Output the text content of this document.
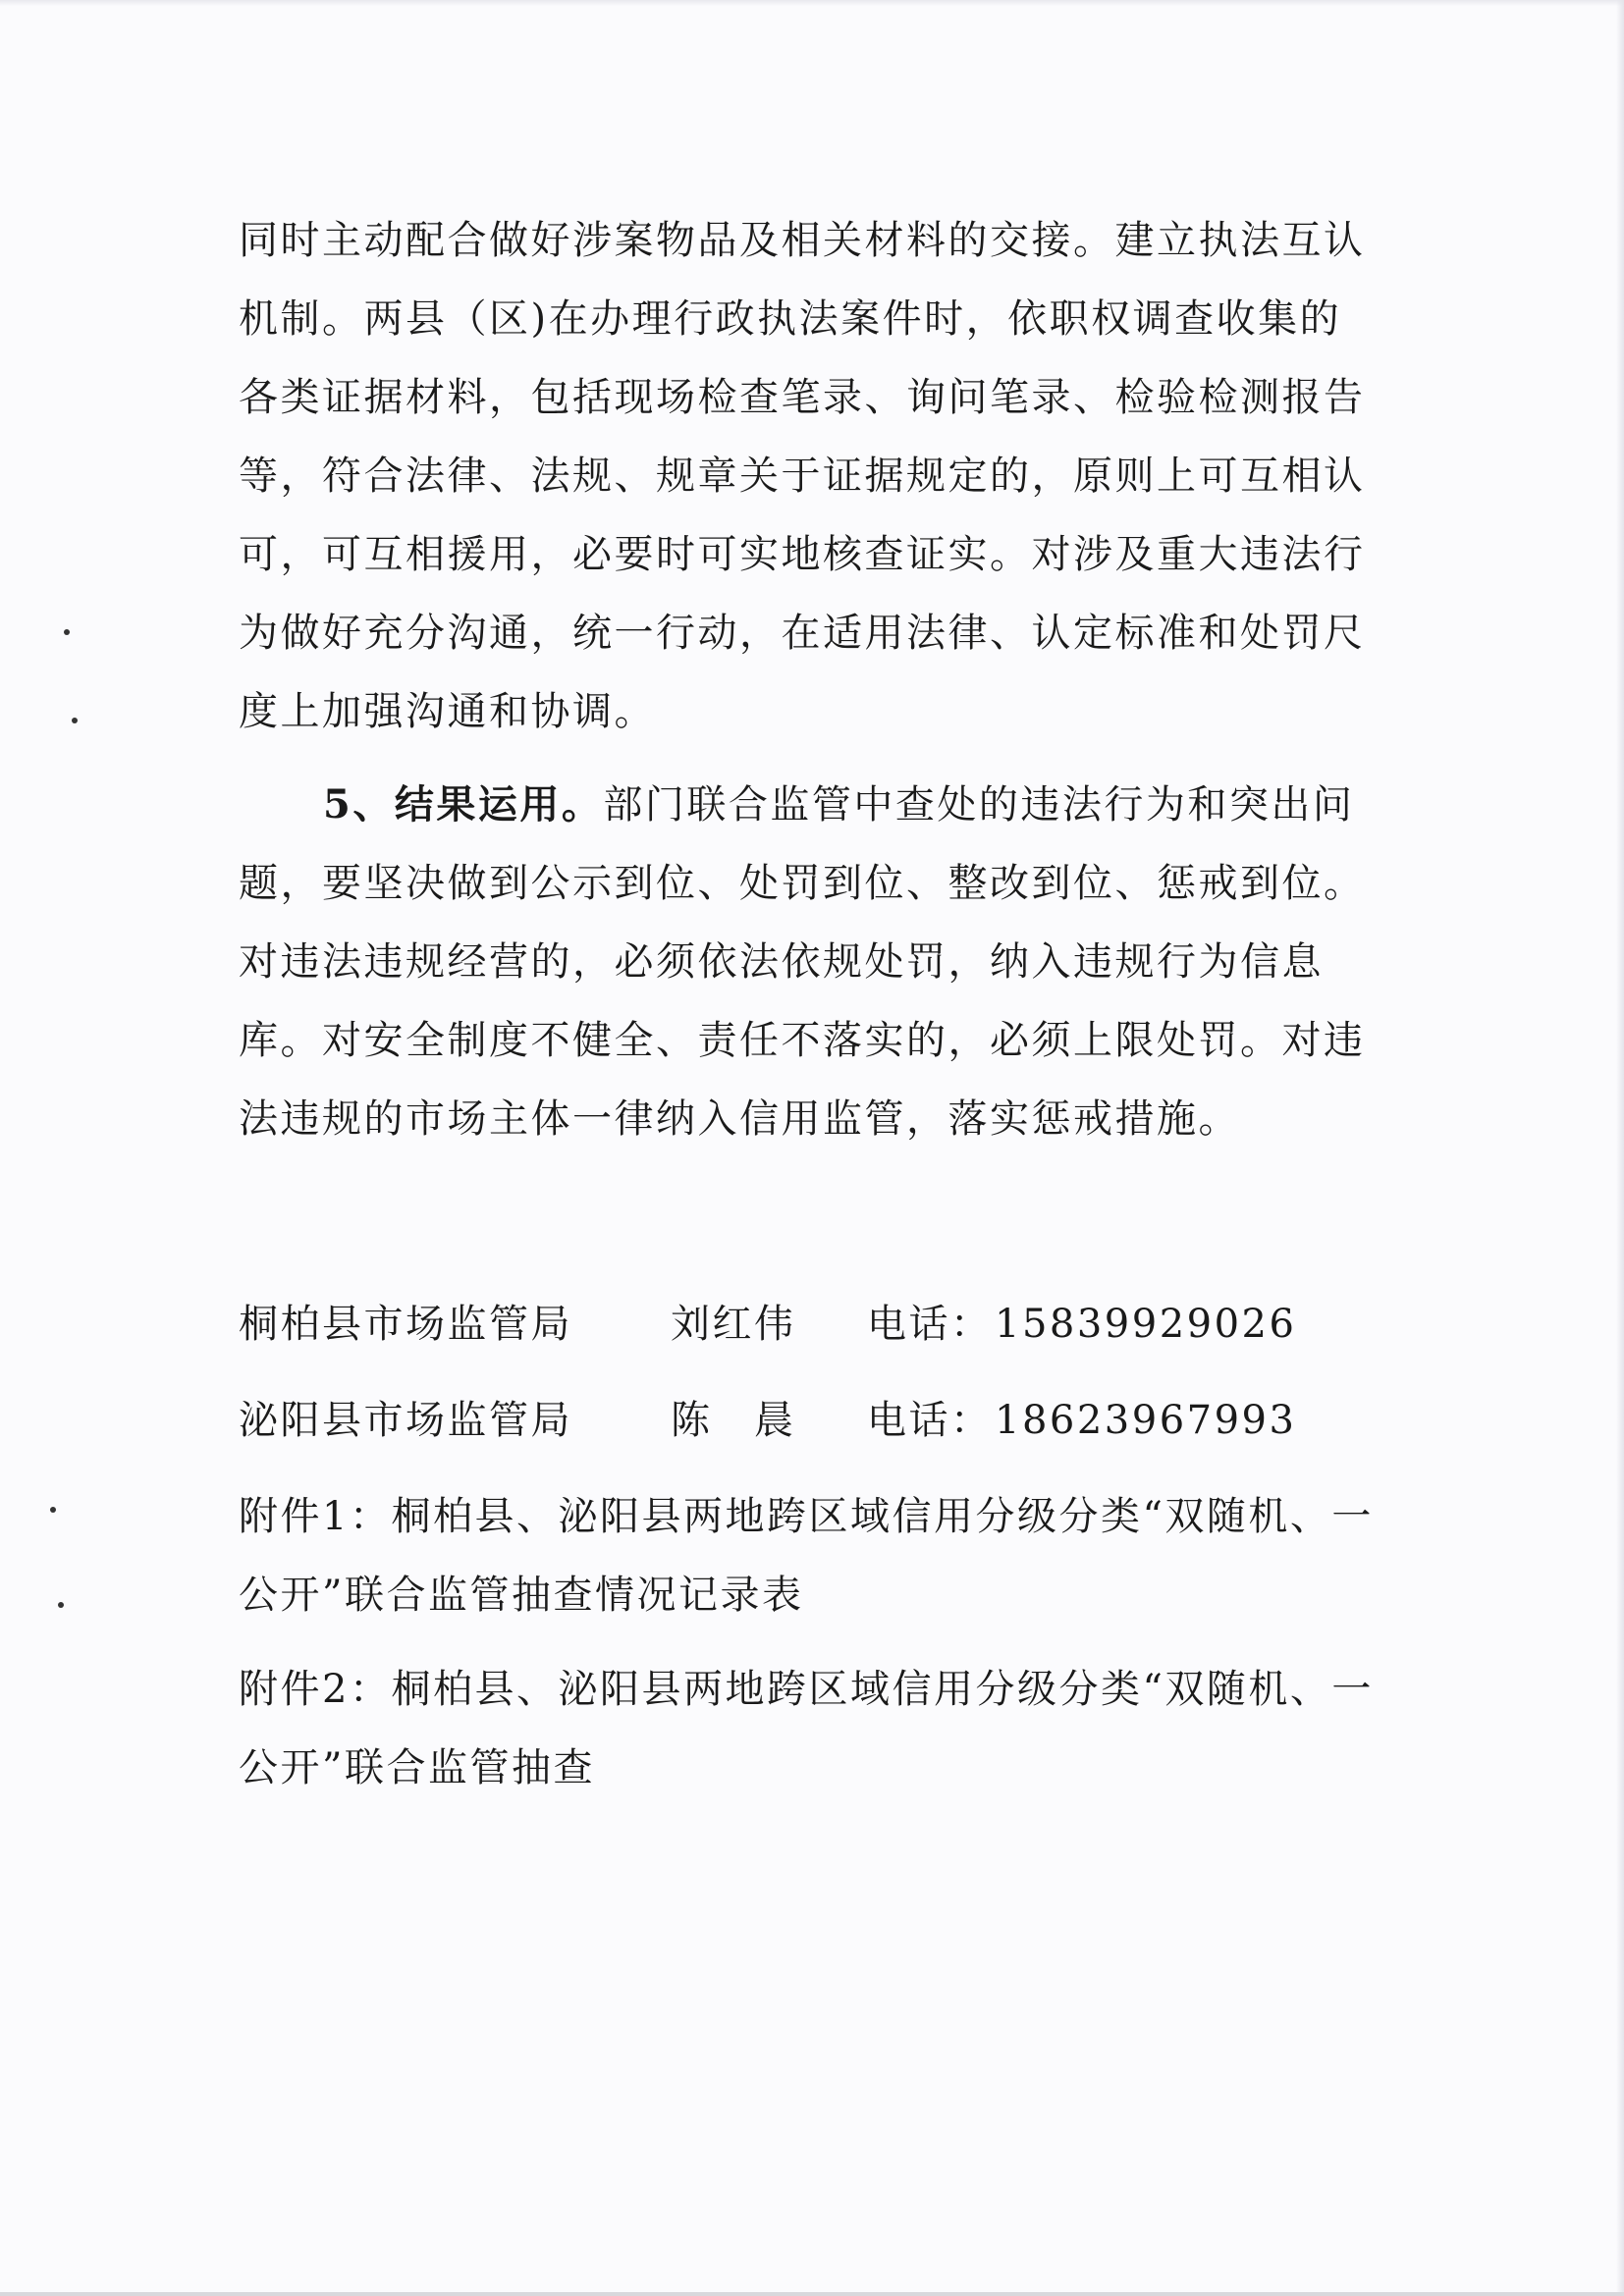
同时主动配合做好涉案物品及相关材料的交接。建立执法互认机制。两县（区)在办理行政执法案件时，依职权调查收集的各类证据材料，包括现场检查笔录、询问笔录、检验检测报告等，符合法律、法规、规章关于证据规定的，原则上可互相认可，可互相援用，必要时可实地核查证实。对涉及重大违法行为做好充分沟通，统一行动，在适用法律、认定标准和处罚尺度上加强沟通和协调。
5、结果运用。部门联合监管中查处的违法行为和突出问题，要坚决做到公示到位、处罚到位、整改到位、惩戒到位。对违法违规经营的，必须依法依规处罚，纳入违规行为信息库。对安全制度不健全、责任不落实的，必须上限处罚。对违法违规的市场主体一律纳入信用监管，落实惩戒措施。
桐柏县市场监管局	刘红伟 电话：15839929026
泌阳县市场监管局	陈　晨 电话：18623967993
附件1：桐柏县、泌阳县两地跨区域信用分级分类“双随机、一公开”联合监管抽查情况记录表
附件2：桐柏县、泌阳县两地跨区域信用分级分类“双随机、一公开”联合监管抽查
